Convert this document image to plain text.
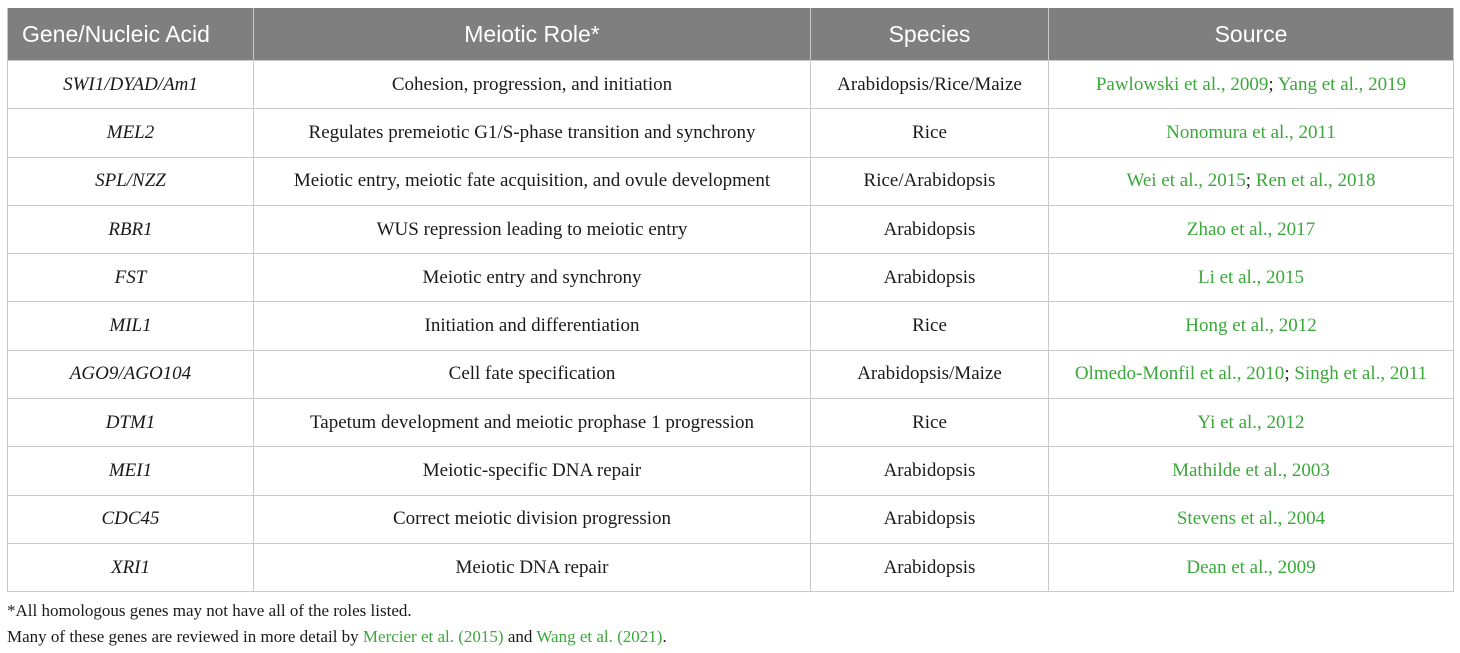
Gene/Nucleic Acid	Meiotic Role*	Species	Source
SWI1/DYAD/Am1	Cohesion, progression, and initiation	Arabidopsis/Rice/Maize	Pawlowski et al., 2009; Yang et al., 2019
MEL2	Regulates premeiotic G1/S-phase transition and synchrony	Rice	Nonomura et al., 2011
SPL/NZZ	Meiotic entry, meiotic fate acquisition, and ovule development	Rice/Arabidopsis	Wei et al., 2015; Ren et al., 2018
RBR1	WUS repression leading to meiotic entry	Arabidopsis	Zhao et al., 2017
FST	Meiotic entry and synchrony	Arabidopsis	Li et al., 2015
MIL1	Initiation and differentiation	Rice	Hong et al., 2012
AGO9/AGO104	Cell fate specification	Arabidopsis/Maize	Olmedo-Monfil et al., 2010; Singh et al., 2011
DTM1	Tapetum development and meiotic prophase 1 progression	Rice	Yi et al., 2012
MEI1	Meiotic-specific DNA repair	Arabidopsis	Mathilde et al., 2003
CDC45	Correct meiotic division progression	Arabidopsis	Stevens et al., 2004
XRI1	Meiotic DNA repair	Arabidopsis	Dean et al., 2009
*All homologous genes may not have all of the roles listed.
Many of these genes are reviewed in more detail by Mercier et al. (2015) and Wang et al. (2021).
